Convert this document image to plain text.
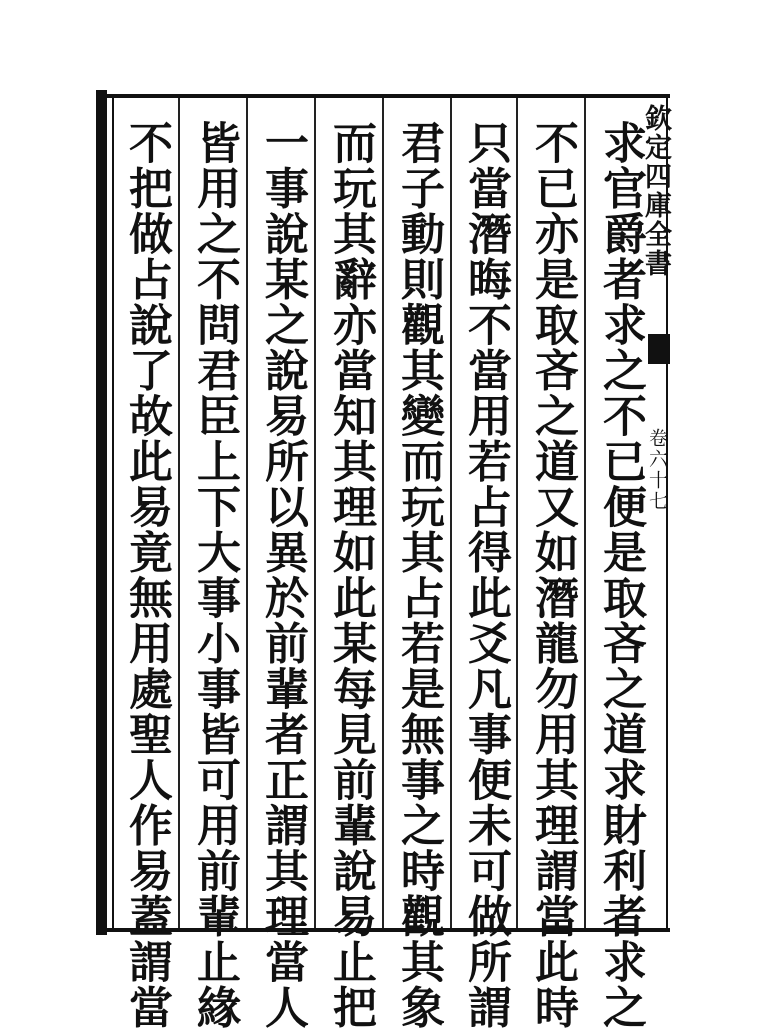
欽定四庫全書
卷六十七
求官爵者求之不已便是取吝之道求財利者求之
不已亦是取吝之道又如潛龍勿用其理謂當此時
只當潛晦不當用若占得此爻凡事便未可做所謂
君子動則觀其變而玩其占若是無事之時觀其象
而玩其辭亦當知其理如此某每見前輩說易止把
一事說某之說易所以異於前輩者正謂其理當人
皆用之不問君臣上下大事小事皆可用前輩止緣
不把做占說了故此易竟無用處聖人作易蓋謂當
